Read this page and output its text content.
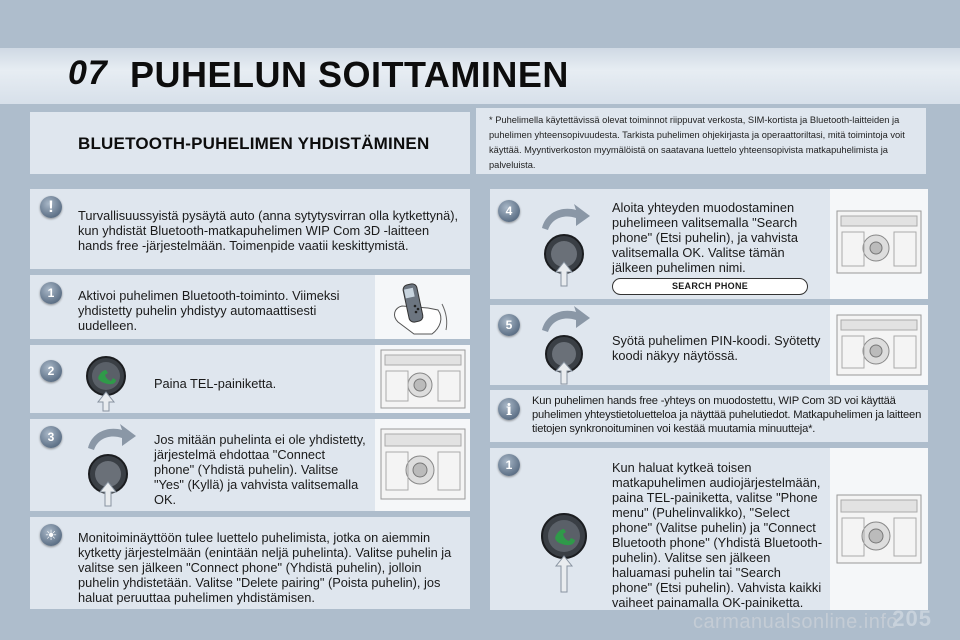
07 PUHELUN SOITTAMINEN
BLUETOOTH-PUHELIMEN YHDISTÄMINEN
* Puhelimella käytettävissä olevat toiminnot riippuvat verkosta, SIM-kortista ja Bluetooth-laitteiden ja puhelimen yhteensopivuudesta. Tarkista puhelimen ohjekirjasta ja operaattoriltasi, mitä toimintoja voit käyttää. Myyntiverkoston myymälöistä on saatavana luettelo yhteensopivista matkapuhelimista ja palveluista.
!	Turvallisuussyistä pysäytä auto (anna sytytysvirran olla kytkettynä), kun yhdistät Bluetooth-matkapuhelimen WIP Com 3D -laitteen hands free -järjestelmään. Toimenpide vaatii keskittymistä.
1	Aktivoi puhelimen Bluetooth-toiminto. Viimeksi yhdistetty puhelin yhdistyy automaattisesti uudelleen.
2
Paina TEL-painiketta.
3	Jos mitään puhelinta ei ole yhdistetty, järjestelmä ehdottaa "Connect phone" (Yhdistä puhelin). Valitse "Yes" (Kyllä) ja vahvista valitsemalla OK.
☀	Monitoiminäyttöön tulee luettelo puhelimista, jotka on aiemmin kytketty järjestelmään (enintään neljä puhelinta). Valitse puhelin ja valitse sen jälkeen "Connect phone" (Yhdistä puhelin), jolloin puhelin yhdistetään. Valitse "Delete pairing" (Poista puhelin), jos haluat peruuttaa puhelimen yhdistämisen.
4	Aloita yhteyden muodostaminen puhelimeen valitsemalla "Search phone" (Etsi puhelin), ja vahvista valitsemalla OK. Valitse tämän jälkeen puhelimen nimi.
SEARCH PHONE
5
Syötä puhelimen PIN-koodi. Syötetty koodi näkyy näytössä.
i	Kun puhelimen hands free -yhteys on muodostettu, WIP Com 3D voi käyttää puhelimen yhteystietoluetteloa ja näyttää puhelutiedot. Matkapuhelimen ja laitteen tietojen synkronoituminen voi kestää muutamia minuutteja*.
1	Kun haluat kytkeä toisen matkapuhelimen audiojärjestelmään, paina TEL-painiketta, valitse "Phone menu" (Puhelinvalikko), "Select phone" (Valitse puhelin) ja "Connect Bluetooth phone" (Yhdistä Bluetooth-puhelin). Valitse sen jälkeen haluamasi puhelin tai "Search phone" (Etsi puhelin). Vahvista kaikki vaiheet painamalla OK-painiketta.
carmanualsonline.info
205
